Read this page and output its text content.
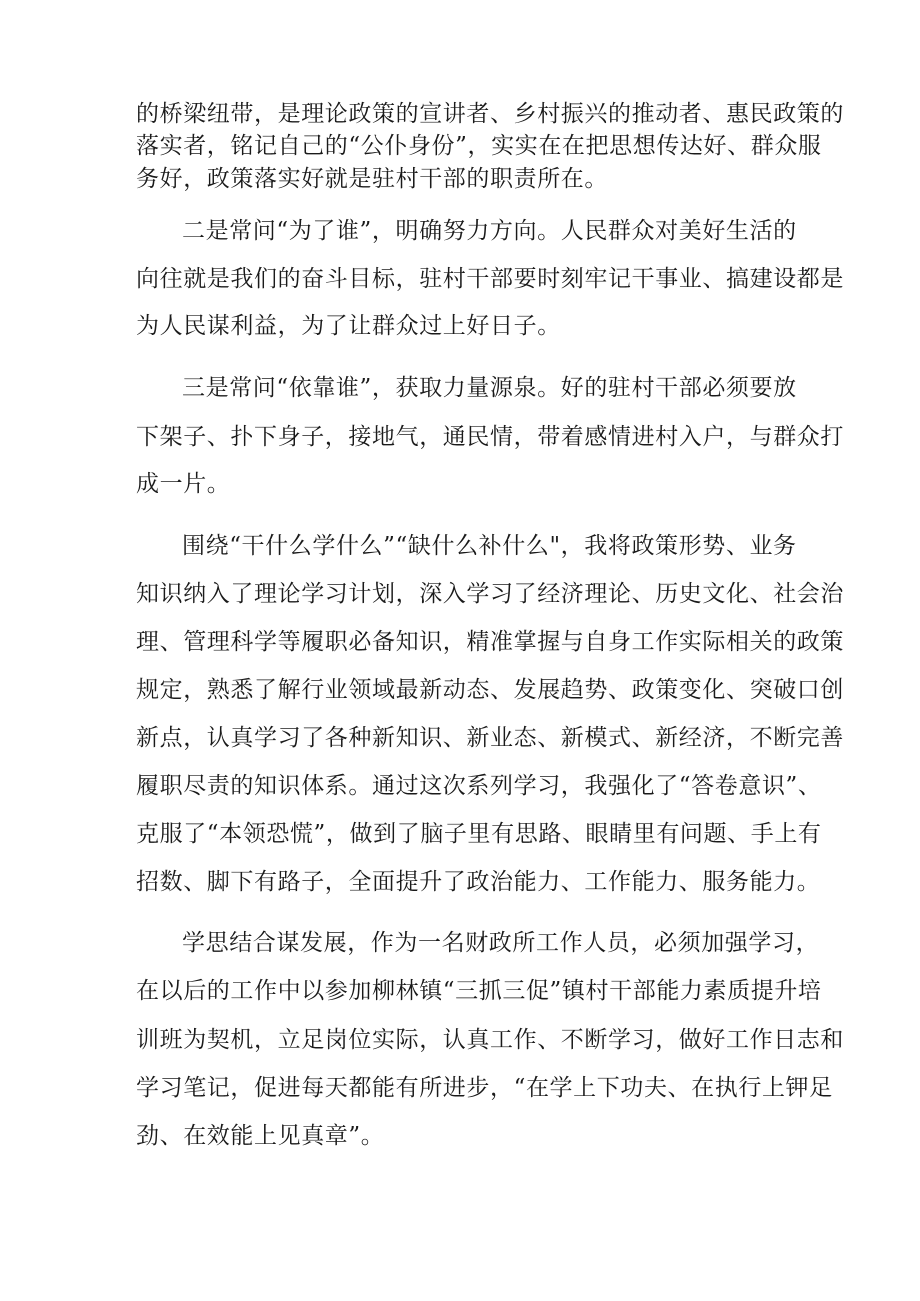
的桥梁纽带，是理论政策的宣讲者、乡村振兴的推动者、惠民政策的

落实者，铭记自己的“公仆身份”，实实在在把思想传达好、群众服

务好，政策落实好就是驻村干部的职责所在。

二是常问“为了谁”，明确努力方向。人民群众对美好生活的

向往就是我们的奋斗目标，驻村干部要时刻牢记干事业、搞建设都是

为人民谋利益，为了让群众过上好日子。

三是常问“依靠谁”，获取力量源泉。好的驻村干部必须要放

下架子、扑下身子，接地气，通民情，带着感情进村入户，与群众打

成一片。

围绕“干什么学什么”“缺什么补什么"，我将政策形势、业务

知识纳入了理论学习计划，深入学习了经济理论、历史文化、社会治

理、管理科学等履职必备知识，精准掌握与自身工作实际相关的政策

规定，熟悉了解行业领域最新动态、发展趋势、政策变化、突破口创

新点，认真学习了各种新知识、新业态、新模式、新经济，不断完善

履职尽责的知识体系。通过这次系列学习，我强化了“答卷意识”、

克服了“本领恐慌”，做到了脑子里有思路、眼睛里有问题、手上有

招数、脚下有路子，全面提升了政治能力、工作能力、服务能力。

学思结合谋发展，作为一名财政所工作人员，必须加强学习，

在以后的工作中以参加柳林镇“三抓三促”镇村干部能力素质提升培

训班为契机，立足岗位实际，认真工作、不断学习，做好工作日志和

学习笔记，促进每天都能有所进步，“在学上下功夫、在执行上钾足

劲、在效能上见真章”。
